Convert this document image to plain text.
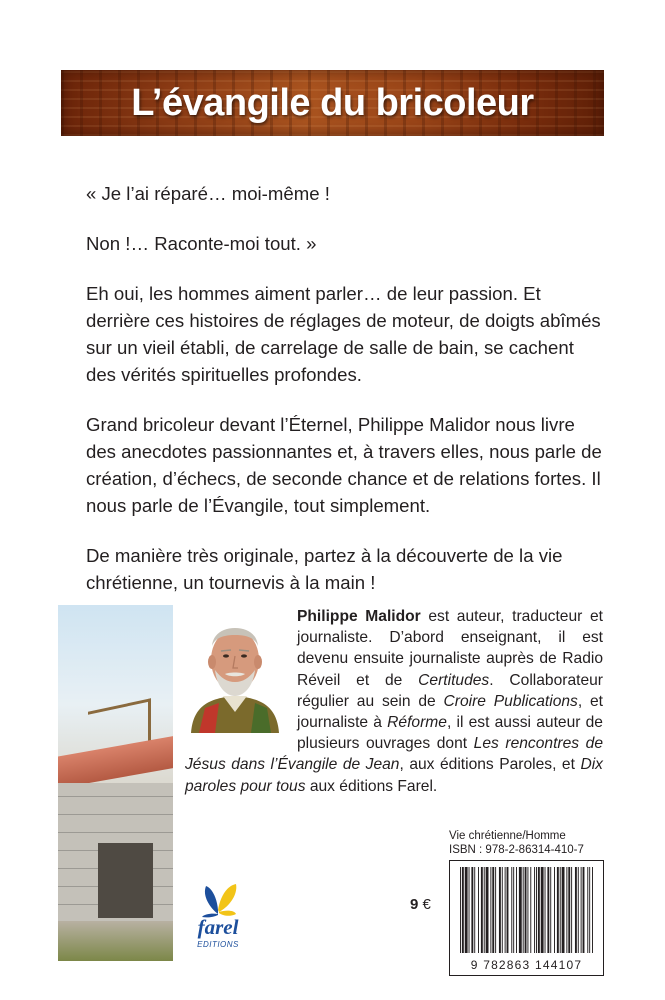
L’évangile du bricoleur

« Je l’ai réparé… moi-même !

Non !… Raconte-moi tout. »

Eh oui, les hommes aiment parler… de leur passion. Et derrière ces histoires de réglages de moteur, de doigts abîmés sur un vieil établi, de carrelage de salle de bain, se cachent des vérités spirituelles profondes.

Grand bricoleur devant l’Éternel, Philippe Malidor nous livre des anecdotes passionnantes et, à travers elles, nous parle de création, d’échecs, de seconde chance et de relations fortes. Il nous parle de l’Évangile, tout simplement.

De manière très originale, partez à la découverte de la vie chrétienne, un tournevis à la main !

Philippe Malidor est auteur, traducteur et journaliste. D’abord enseignant, il est devenu ensuite journaliste auprès de Radio Réveil et de Certitudes. Collaborateur régulier au sein de Croire Publications, et journaliste à Réforme, il est aussi auteur de plusieurs ouvrages dont Les rencontres de Jésus dans l’Évangile de Jean, aux éditions Paroles, et Dix paroles pour tous aux éditions Farel.
farel
EDITIONS
9 €
Vie chrétienne/Homme
ISBN : 978-2-86314-410-7
9 782863 144107
